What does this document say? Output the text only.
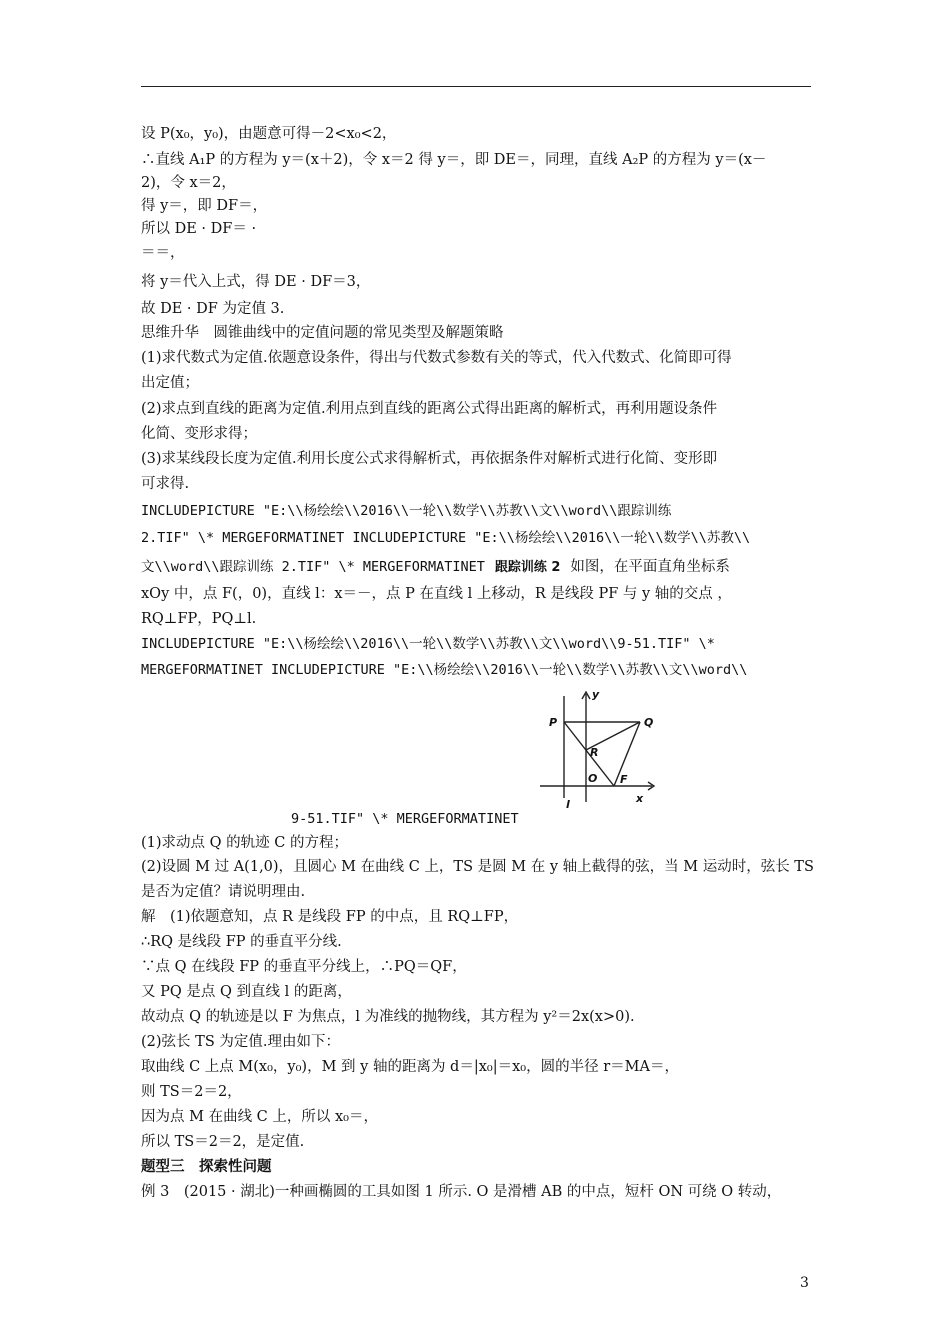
设 P(x₀，y₀)，由题意可得－2<x₀<2，
∴直线 A₁P 的方程为 y＝(x＋2)，令 x＝2 得 y＝，即 DE＝，同理，直线 A₂P 的方程为 y＝(x－
2)，令 x＝2，
得 y＝，即 DF＝，
所以 DE · DF＝ ·
＝＝，
将 y＝代入上式，得 DE · DF＝3，
故 DE · DF 为定值 3.
思维升华　圆锥曲线中的定值问题的常见类型及解题策略
(1)求代数式为定值.依题意设条件，得出与代数式参数有关的等式，代入代数式、化简即可得
出定值；
(2)求点到直线的距离为定值.利用点到直线的距离公式得出距离的解析式，再利用题设条件
化简、变形求得；
(3)求某线段长度为定值.利用长度公式求得解析式，再依据条件对解析式进行化简、变形即
可求得.
INCLUDEPICTURE "E:\\杨绘绘\\2016\\一轮\\数学\\苏教\\文\\word\\跟踪训练
2.TIF" \* MERGEFORMATINET INCLUDEPICTURE "E:\\杨绘绘\\2016\\一轮\\数学\\苏教\\
文\\word\\跟踪训练 2.TIF" \* MERGEFORMATINET 跟踪训练 2 如图，在平面直角坐标系
xOy 中，点 F(，0)，直线 l：x＝－，点 P 在直线 l 上移动，R 是线段 PF 与 y 轴的交点 ，
RQ⊥FP，PQ⊥l.
INCLUDEPICTURE "E:\\杨绘绘\\2016\\一轮\\数学\\苏教\\文\\word\\9-51.TIF" \*
MERGEFORMATINET INCLUDEPICTURE "E:\\杨绘绘\\2016\\一轮\\数学\\苏教\\文\\word\\
P	Q
R
O F
x
y
l
9-51.TIF" \* MERGEFORMATINET
(1)求动点 Q 的轨迹 C 的方程；
(2)设圆 M 过 A(1,0)，且圆心 M 在曲线 C 上，TS 是圆 M 在 y 轴上截得的弦，当 M 运动时，弦长 TS
是否为定值？请说明理由.
解　(1)依题意知，点 R 是线段 FP 的中点，且 RQ⊥FP，
∴RQ 是线段 FP 的垂直平分线.
∵点 Q 在线段 FP 的垂直平分线上，∴PQ＝QF，
又 PQ 是点 Q 到直线 l 的距离，
故动点 Q 的轨迹是以 F 为焦点，l 为准线的抛物线，其方程为 y²＝2x(x>0).
(2)弦长 TS 为定值.理由如下：
取曲线 C 上点 M(x₀，y₀)，M 到 y 轴的距离为 d＝|x₀|＝x₀，圆的半径 r＝MA＝，
则 TS＝2＝2，
因为点 M 在曲线 C 上，所以 x₀＝，
所以 TS＝2＝2，是定值.
题型三　探索性问题
例 3　(2015 · 湖北)一种画椭圆的工具如图 1 所示. O 是滑槽 AB 的中点，短杆 ON 可绕 O 转动，
3
